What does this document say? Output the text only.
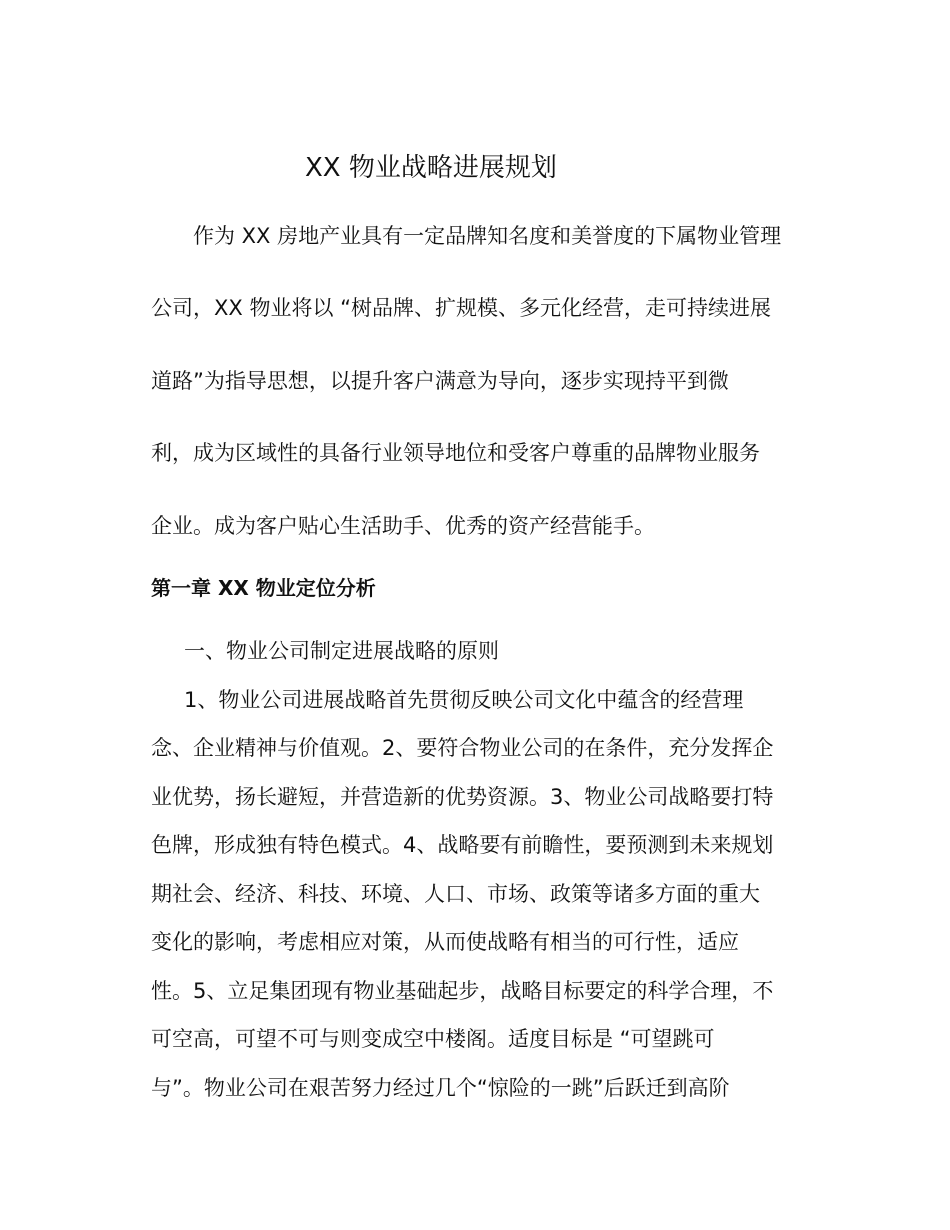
XX 物业战略进展规划
作为 XX 房地产业具有一定品牌知名度和美誉度的下属物业管理
公司，XX 物业将以 “树品牌、扩规模、多元化经营，走可持续进展
道路”为指导思想，以提升客户满意为导向，逐步实现持平到微
利，成为区域性的具备行业领导地位和受客户尊重的品牌物业服务
企业。成为客户贴心生活助手、优秀的资产经营能手。
第一章 XX 物业定位分析
一、物业公司制定进展战略的原则
1、物业公司进展战略首先贯彻反映公司文化中蕴含的经营理
念、企业精神与价值观。2、要符合物业公司的在条件，充分发挥企
业优势，扬长避短，并营造新的优势资源。3、物业公司战略要打特
色牌，形成独有特色模式。4、战略要有前瞻性，要预测到未来规划
期社会、经济、科技、环境、人口、市场、政策等诸多方面的重大
变化的影响，考虑相应对策，从而使战略有相当的可行性，适应
性。5、立足集团现有物业基础起步，战略目标要定的科学合理，不
可空高，可望不可与则变成空中楼阁。适度目标是 “可望跳可
与”。物业公司在艰苦努力经过几个“惊险的一跳”后跃迁到高阶
